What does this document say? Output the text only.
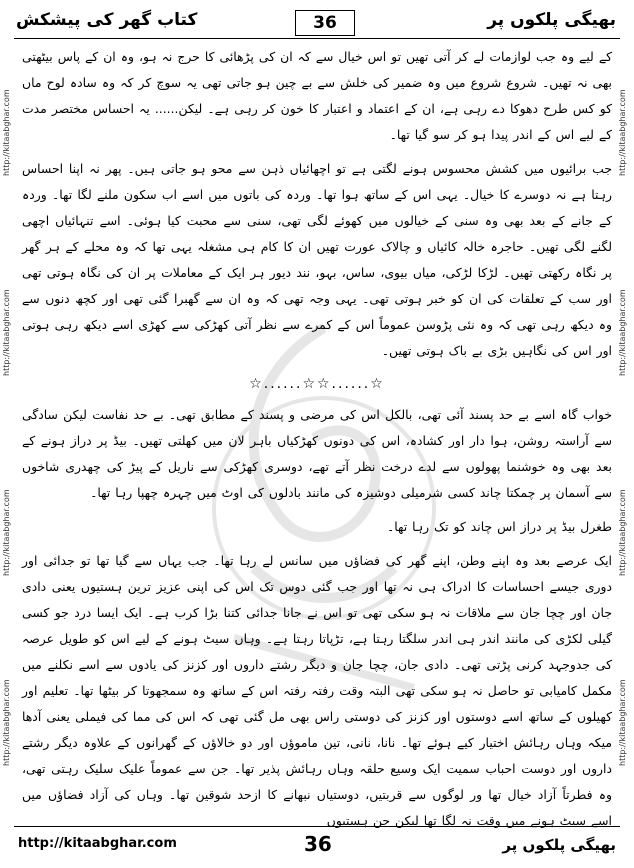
کتاب گھر کی پیشکش	36	بھیگی پلکوں پر
http://kitaabghar.com
http://kitaabghar.com
http://kitaabghar.com
http://kitaabghar.com
http://kitaabghar.com
http://kitaabghar.com
http://kitaabghar.com
http://kitaabghar.com

کے لیے وہ جب لوازمات لے کر آتی تھیں تو اس خیال سے کہ ان کی پڑھائی کا حرج نہ ہو، وہ ان کے پاس بیٹھتی بھی نہ تھیں۔ شروع شروع میں وہ ضمیر کی خلش سے بے چین ہو جاتی تھی یہ سوچ کر کہ وہ سادہ لوح ماں کو کس طرح دھوکا دے رہی ہے، ان کے اعتماد و اعتبار کا خون کر رہی ہے۔ لیکن...... یہ احساس مختصر مدت کے لیے اس کے اندر پیدا ہو کر سو گیا تھا۔

جب برائیوں میں کشش محسوس ہونے لگتی ہے تو اچھائیاں ذہن سے محو ہو جاتی ہیں۔ پھر نہ اپنا احساس رہتا ہے نہ دوسرے کا خیال۔ یہی اس کے ساتھ ہوا تھا۔ وردہ کی باتوں میں اسے اب سکون ملنے لگا تھا۔ وردہ کے جانے کے بعد بھی وہ سنی کے خیالوں میں کھوئے لگی تھی، سنی سے محبت کیا ہوئی۔ اسے تنہائیاں اچھی لگنے لگی تھیں۔ حاجرہ خالہ کائیاں و چالاک عورت تھیں ان کا کام ہی مشغلہ یہی تھا کہ وہ محلے کے ہر گھر پر نگاہ رکھتی تھیں۔ لڑکا لڑکی، میاں بیوی، ساس، بہو، نند دیور ہر ایک کے معاملات پر ان کی نگاہ ہوتی تھی اور سب کے تعلقات کی ان کو خبر ہوتی تھی۔ یہی وجہ تھی کہ وہ ان سے گھبرا گئی تھی اور کچھ دنوں سے وہ دیکھ رہی تھی کہ وہ نئی پڑوسن عموماً اس کے کمرے سے نظر آتی کھڑکی سے کھڑی اسے دیکھ رہی ہوتی اور اس کی نگاہیں بڑی بے باک ہوتی تھیں۔

☆......☆☆......☆

خواب گاہ اسے بے حد پسند آئی تھی، بالکل اس کی مرضی و پسند کے مطابق تھی۔ بے حد نفاست لیکن سادگی سے آراستہ روشن، ہوا دار اور کشادہ، اس کی دونوں کھڑکیاں باہر لان میں کھلتی تھیں۔ بیڈ پر دراز ہونے کے بعد بھی وہ خوشنما پھولوں سے لدے درخت نظر آتے تھے، دوسری کھڑکی سے ناریل کے پیڑ کی چھدری شاخوں سے آسمان پر چمکتا چاند کسی شرمیلی دوشیزہ کی مانند بادلوں کی اوٹ میں چہرہ چھپا رہا تھا۔

طغرل بیڈ پر دراز اس چاند کو تک رہا تھا۔

ایک عرصے بعد وہ اپنے وطن، اپنے گھر کی فضاؤں میں سانس لے رہا تھا۔ جب یہاں سے گیا تھا تو جدائی اور دوری جیسے احساسات کا ادراک ہی نہ تھا اور جب گئی دوس تک اس کی اپنی عزیز ترین ہستیوں یعنی دادی جان اور چچا جان سے ملاقات نہ ہو سکی تھی تو اس نے جانا جدائی کتنا بڑا کرب ہے۔ ایک ایسا درد جو کسی گیلی لکڑی کی مانند اندر ہی اندر سلگتا رہتا ہے، تڑپاتا رہتا ہے۔ وہاں سیٹ ہونے کے لیے اس کو طویل عرصہ کی جدوجہد کرنی پڑتی تھی۔ دادی جان، چچا جان و دیگر رشتے داروں اور کزنز کی یادوں سے اسے نکلنے میں مکمل کامیابی تو حاصل نہ ہو سکی تھی البتہ وقت رفتہ رفتہ اس کے ساتھ وہ سمجھوتا کر بیٹھا تھا۔ تعلیم اور کھیلوں کے ساتھ اسے دوستوں اور کزنز کی دوستی راس بھی مل گئی تھی کہ اس کی مما کی فیملی یعنی آدھا میکہ وہاں رہائش اختیار کیے ہوئے تھا۔ نانا، نانی، تین ماموؤں اور دو خالاؤں کے گھرانوں کے علاوہ دیگر رشتے داروں اور دوست احباب سمیت ایک وسیع حلقہ وہاں رہائش پذیر تھا۔ جن سے عموماً علیک سلیک رہتی تھی، وہ فطرتاً آزاد خیال تھا ور لوگوں سے قربتیں، دوستیاں نبھانے کا ازحد شوقین تھا۔ وہاں کی آزاد فضاؤں میں اسے سیٹ ہونے میں وقت نہ لگا تھا لیکن جن ہستیوں

http://kitaabghar.com	36	بھیگی پلکوں پر
